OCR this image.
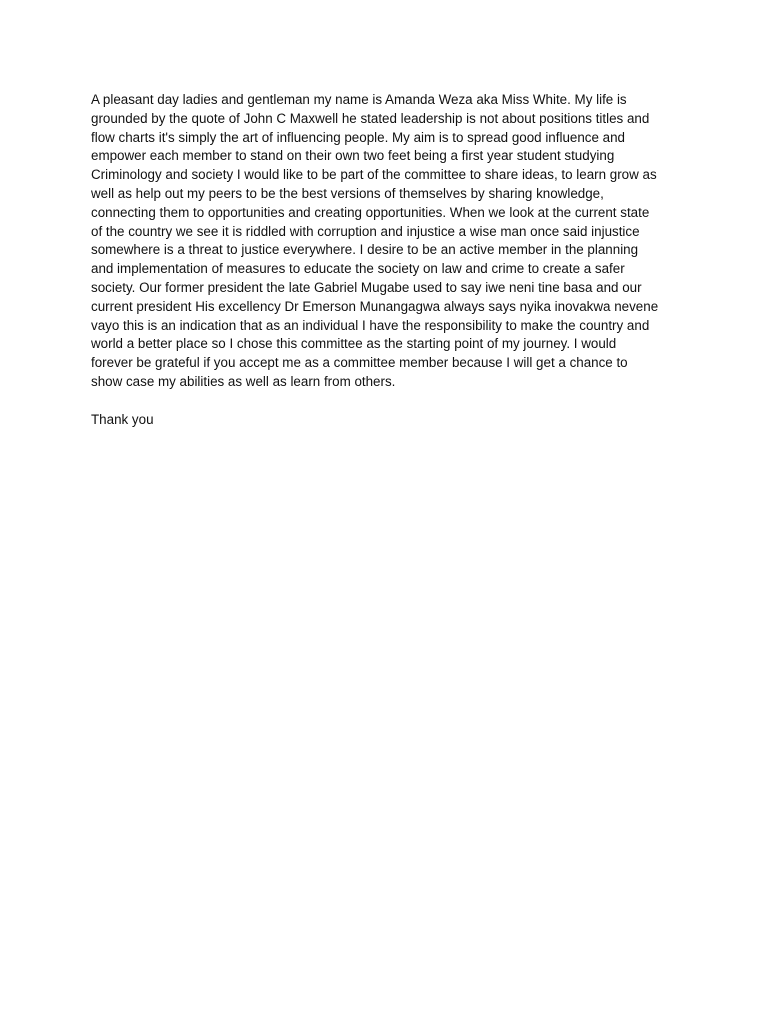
A pleasant day ladies and gentleman my name is Amanda Weza aka Miss White. My life is
grounded by the quote of John C Maxwell he stated leadership is not about positions titles and
flow charts it's simply the art of influencing people. My aim is to spread good influence and
empower each member to stand on their own two feet being a first year student studying
Criminology and society I would like to be part of the committee to share ideas, to learn grow as
well as help out my peers to be the best versions of themselves by sharing knowledge,
connecting them to opportunities and creating opportunities. When we look at the current state
of the country we see it is riddled with corruption and injustice a wise man once said injustice
somewhere is a threat to justice everywhere. I desire to be an active member in the planning
and implementation of measures to educate the society on law and crime to create a safer
society. Our former president the late Gabriel Mugabe used to say iwe neni tine basa and our
current president His excellency Dr Emerson Munangagwa always says nyika inovakwa nevene
vayo this is an indication that as an individual I have the responsibility to make the country and
world a better place so I chose this committee as the starting point of my journey. I would
forever be grateful if you accept me as a committee member because I will get a chance to
show case my abilities as well as learn from others.

Thank you
